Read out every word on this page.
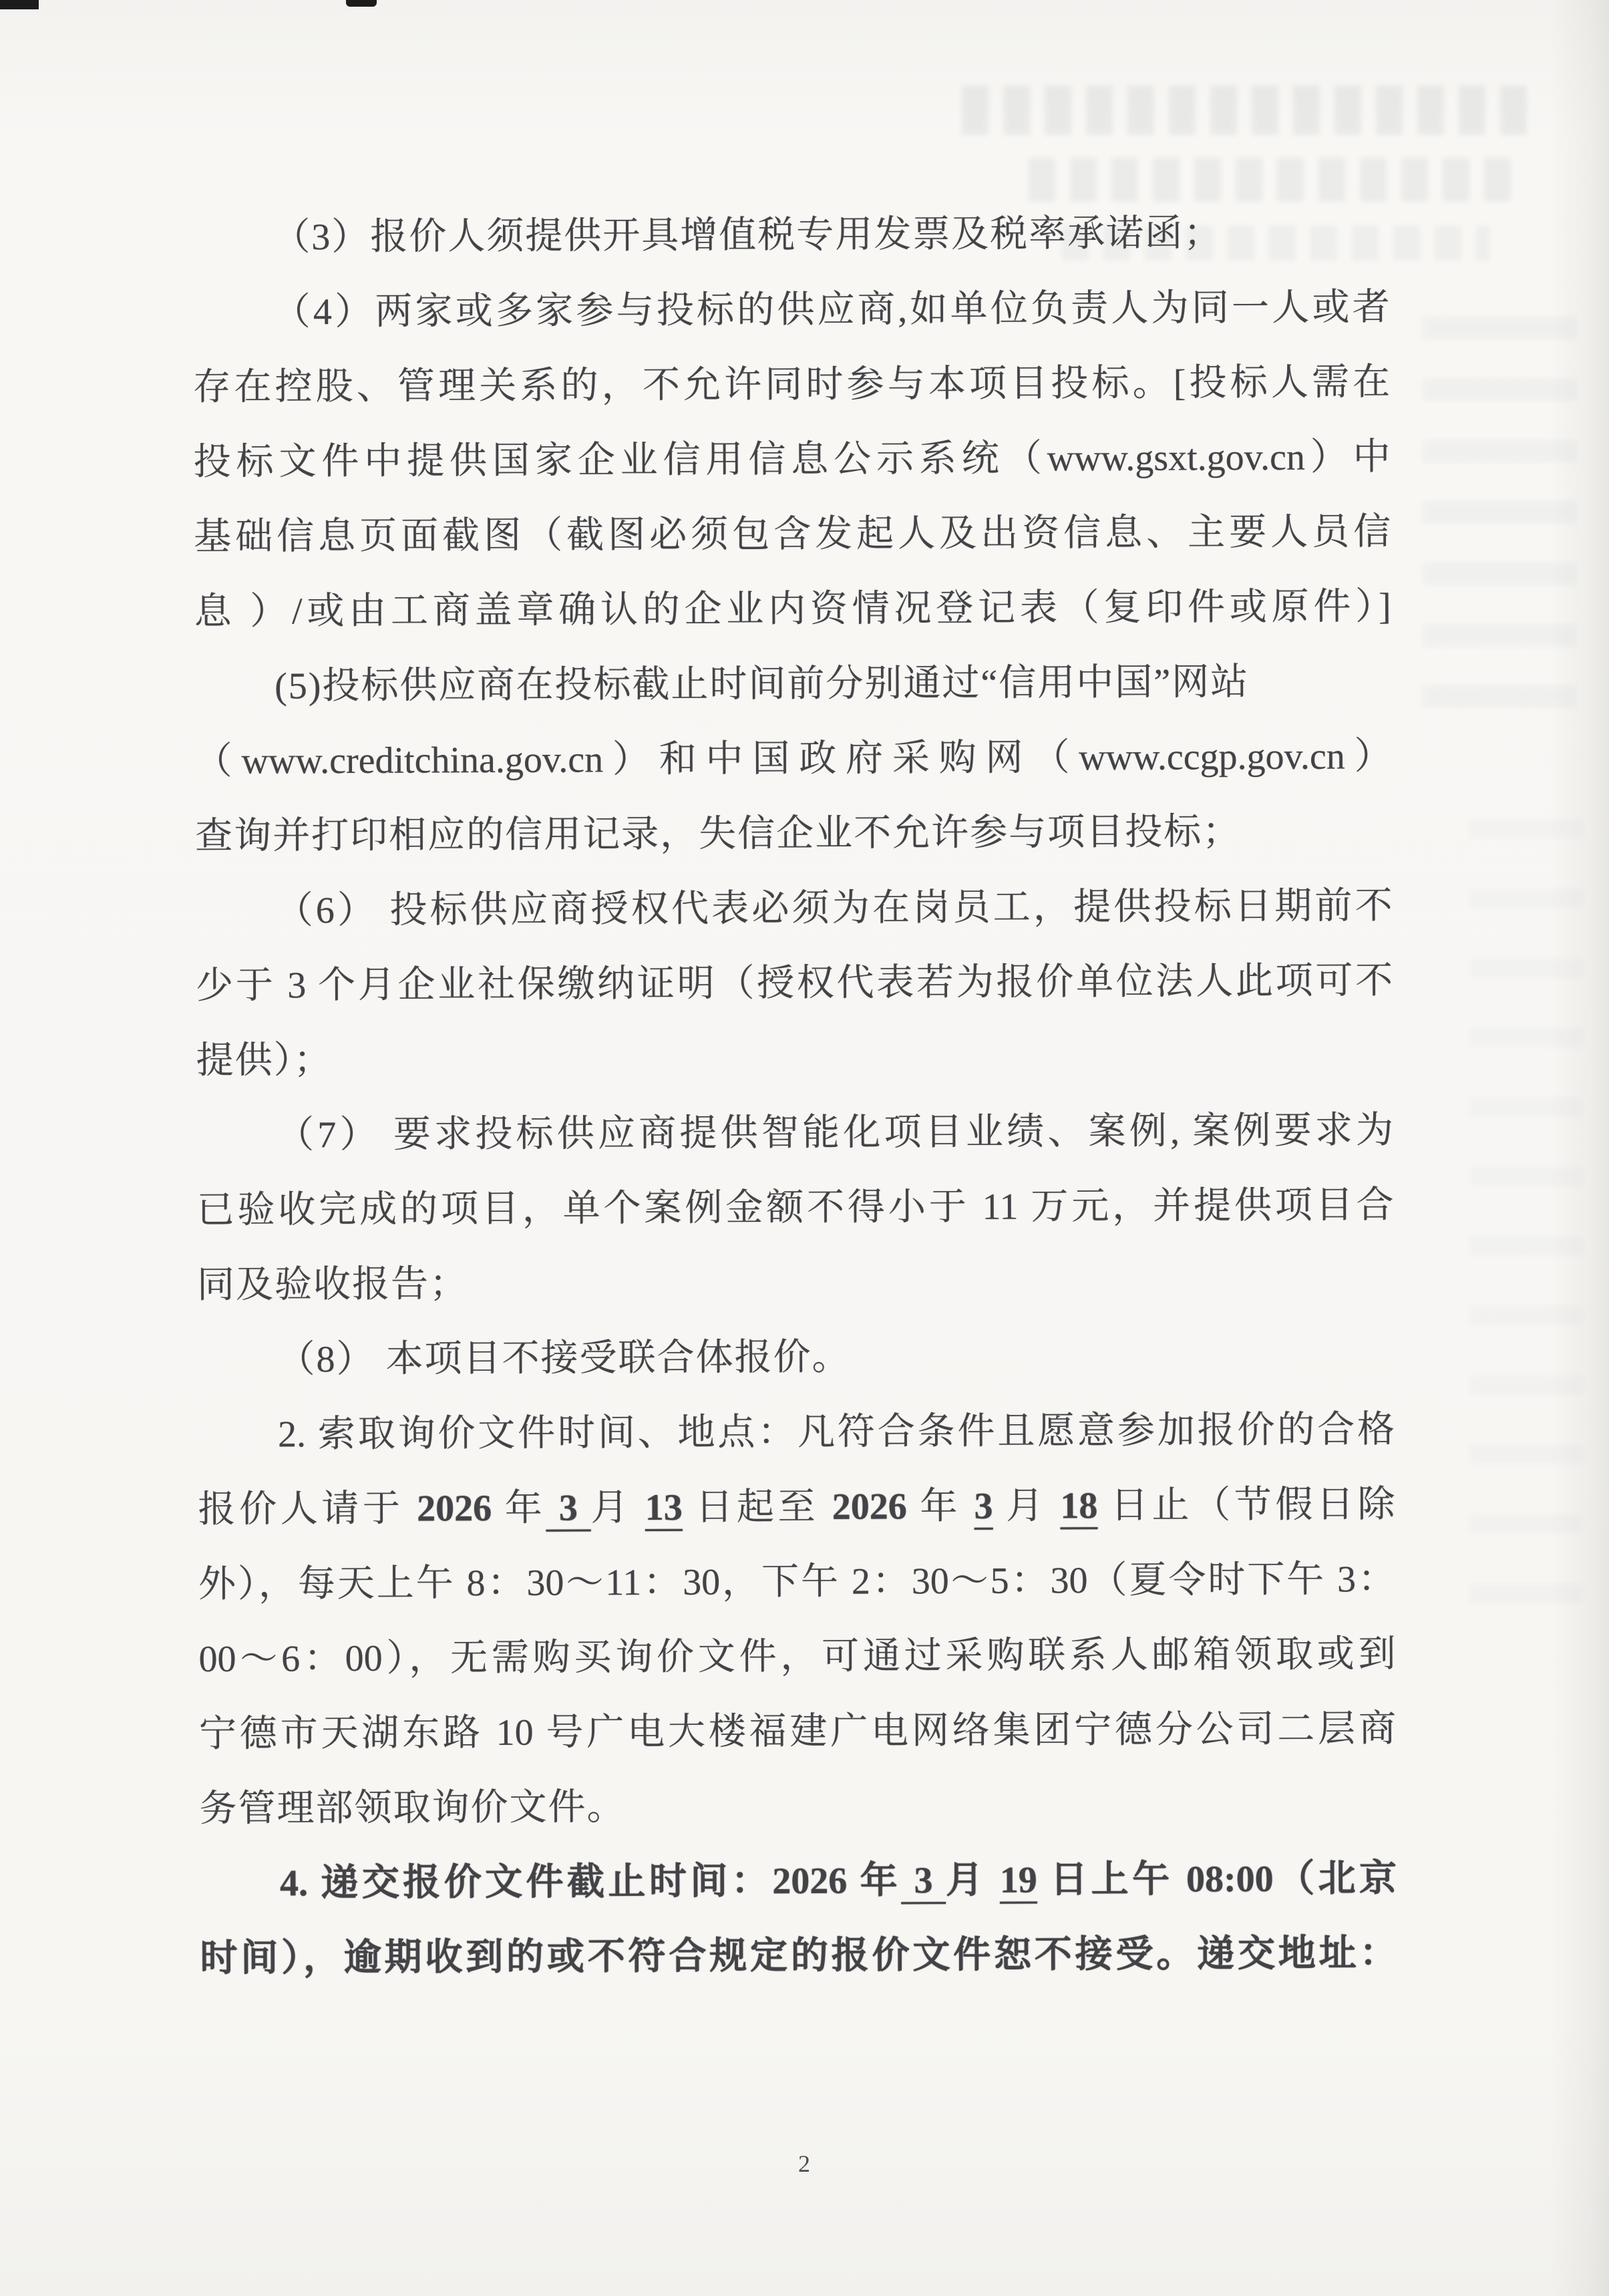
（3）报价人须提供开具增值税专用发票及税率承诺函；
（4）两家或多家参与投标的供应商,如单位负责人为同一人或者
存在控股、管理关系的，不允许同时参与本项目投标。[投标人需在
投标文件中提供国家企业信用信息公示系统（www.gsxt.gov.cn）中
基础信息页面截图（截图必须包含发起人及出资信息、主要人员信
息 ）/或由工商盖章确认的企业内资情况登记表（复印件或原件）]
(5)投标供应商在投标截止时间前分别通过“信用中国”网站
（www.creditchina.gov.cn）和中国政府采购网（www.ccgp.gov.cn）
查询并打印相应的信用记录，失信企业不允许参与项目投标；
（6） 投标供应商授权代表必须为在岗员工，提供投标日期前不
少于 3 个月企业社保缴纳证明（授权代表若为报价单位法人此项可不
提供）；
（7） 要求投标供应商提供智能化项目业绩、案例, 案例要求为
已验收完成的项目，单个案例金额不得小于 11 万元，并提供项目合
同及验收报告；
（8） 本项目不接受联合体报价。
2. 索取询价文件时间、地点：凡符合条件且愿意参加报价的合格
报价人请于 2026 年 3 月 13 日起至 2026 年 3 月 18 日止（节假日除
外），每天上午 8：30～11：30，下午 2：30～5：30（夏令时下午 3：
00～6：00），无需购买询价文件，可通过采购联系人邮箱领取或到
宁德市天湖东路 10 号广电大楼福建广电网络集团宁德分公司二层商
务管理部领取询价文件。
4. 递交报价文件截止时间：2026 年 3 月 19 日上午 08:00（北京
时间），逾期收到的或不符合规定的报价文件恕不接受。递交地址：
2
